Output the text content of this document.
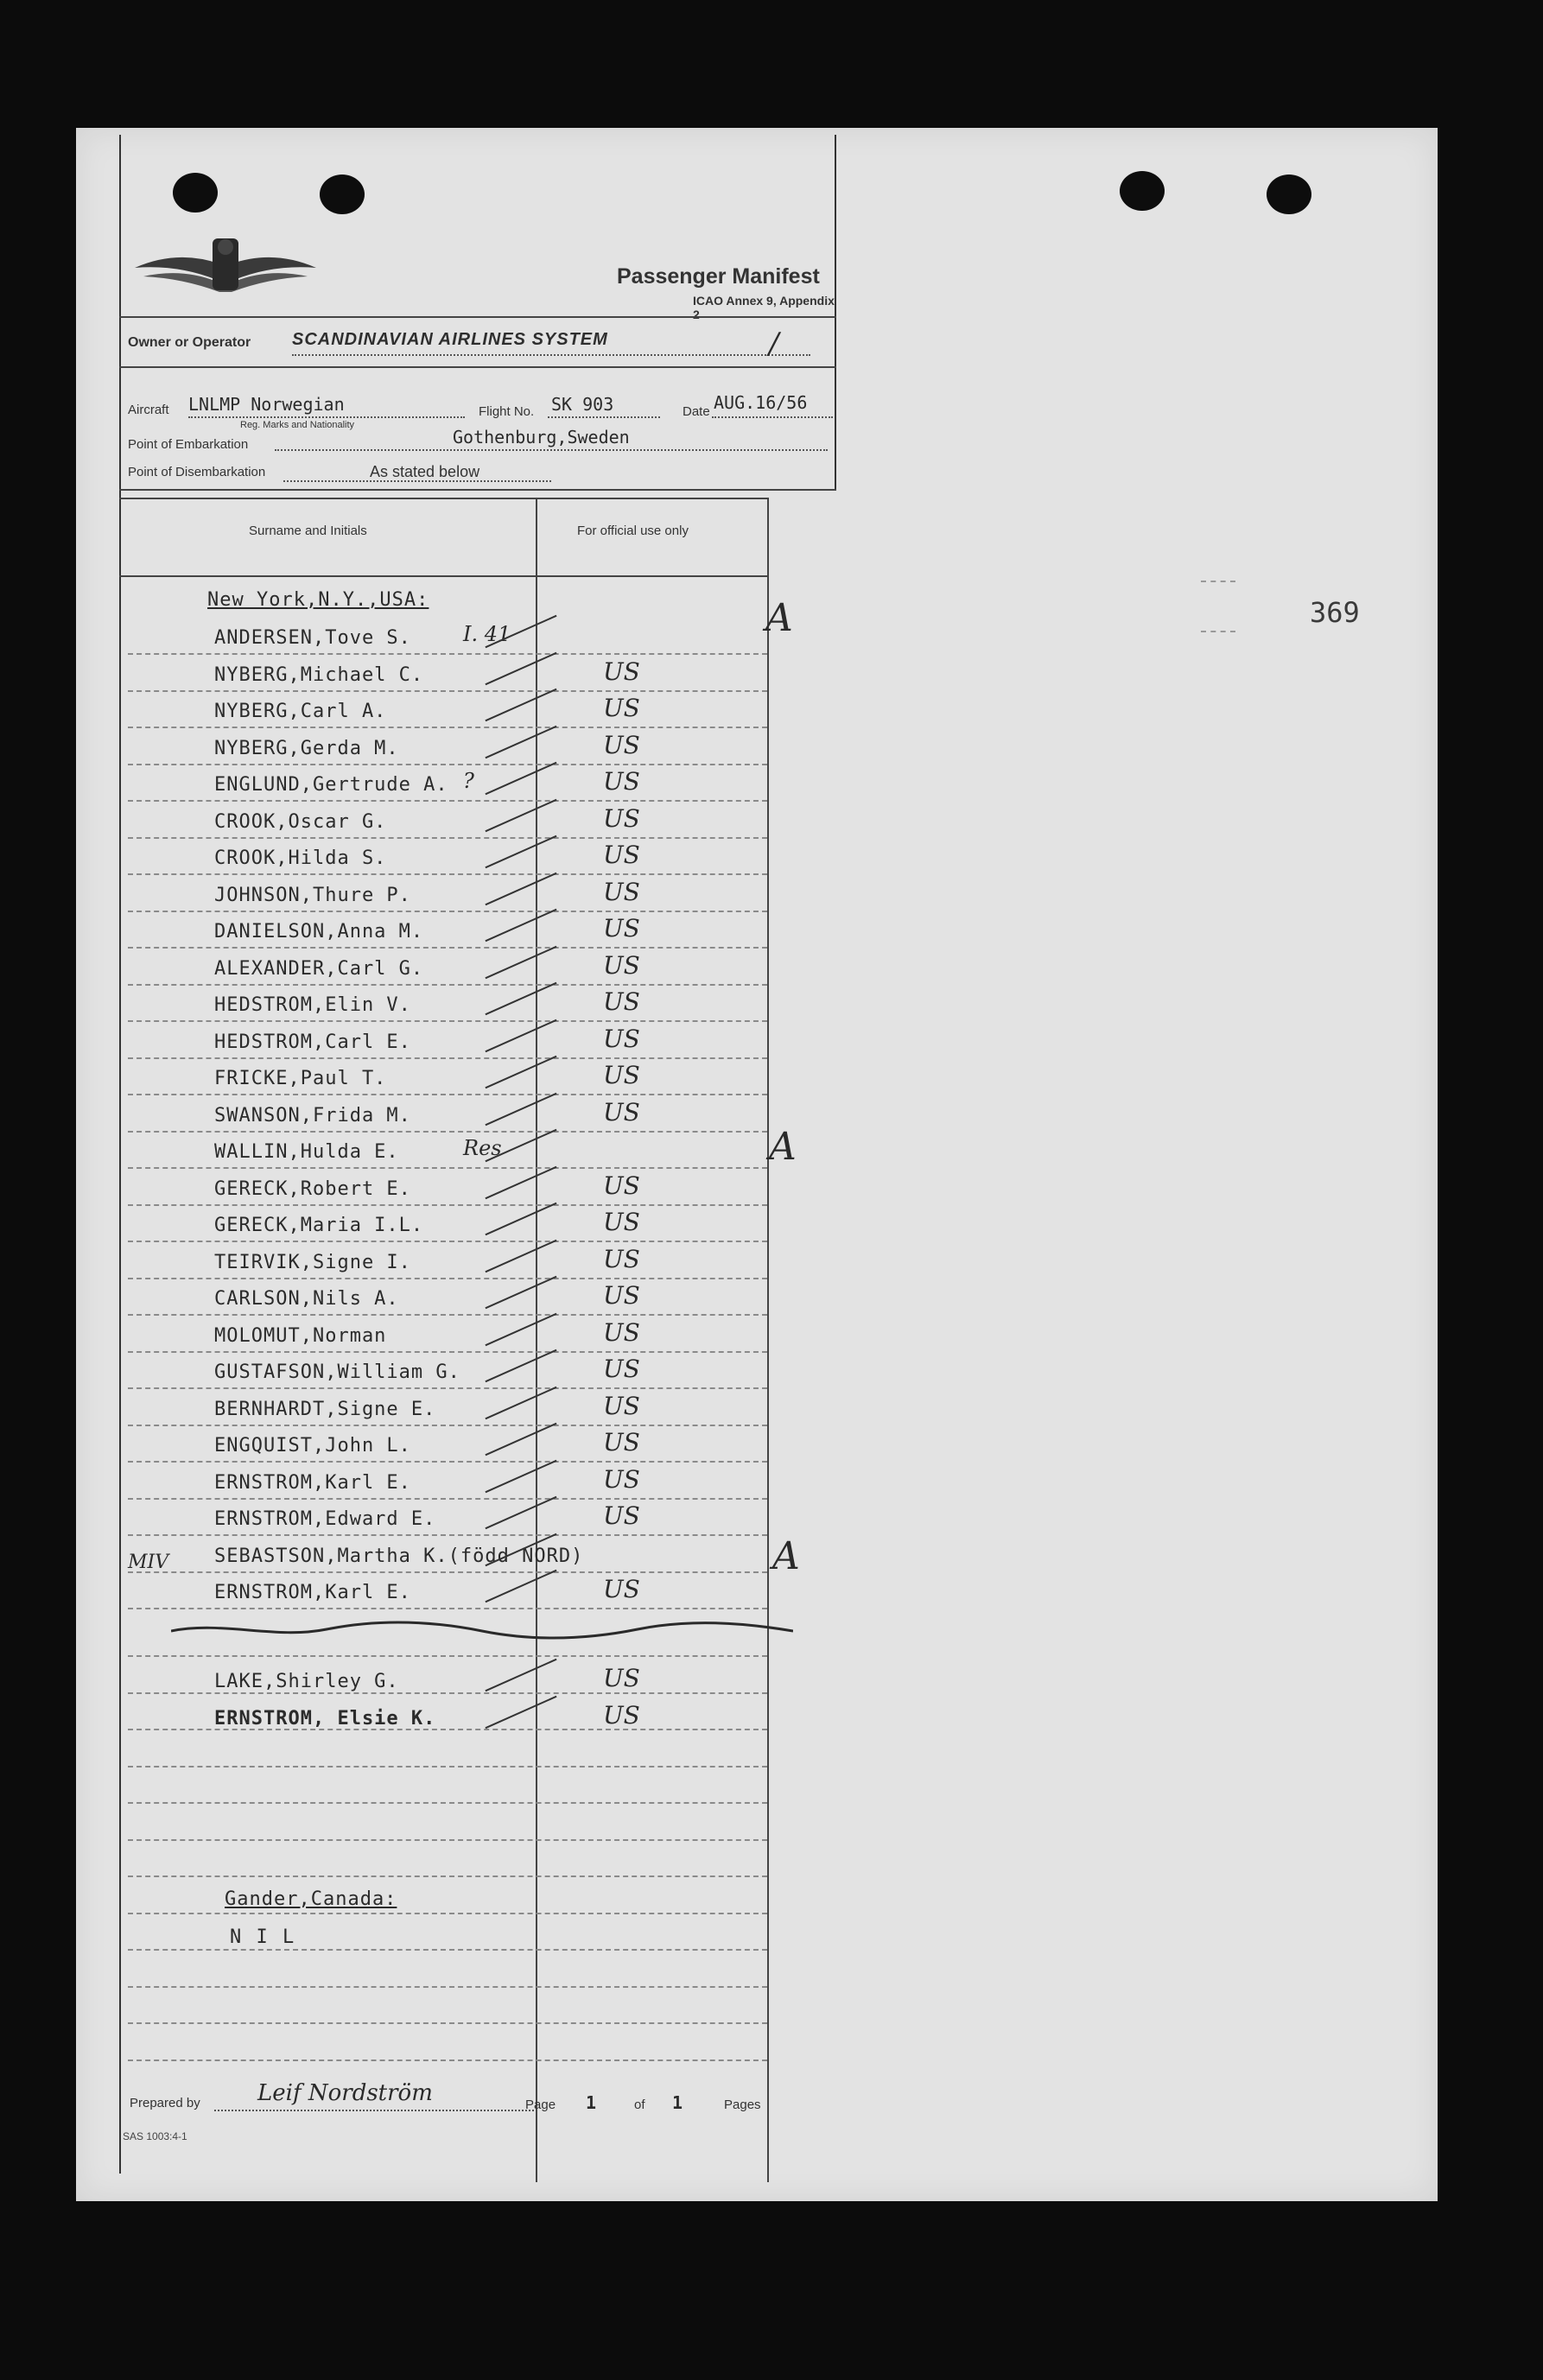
369
Passenger Manifest
ICAO Annex 9, Appendix 2
Owner or Operator SCANDINAVIAN AIRLINES SYSTEM	/
Aircraft LNLMP Norwegian
Reg. Marks and Nationality
Flight No. SK 903	Date AUG.16/56
Point of Embarkation	Gothenburg,Sweden
Point of Disembarkation	As stated below
Surname and Initials	For official use only
New York,N.Y.,USA:
ANDERSEN,Tove S.	I. 41
NYBERG,Michael C.	US
NYBERG,Carl A.	US
NYBERG,Gerda M.	US
ENGLUND,Gertrude A. ?	US
CROOK,Oscar G.	US
CROOK,Hilda S.	US
JOHNSON,Thure P.	US
DANIELSON,Anna M.	US
ALEXANDER,Carl G.	US
HEDSTROM,Elin V.	US
HEDSTROM,Carl E.	US
FRICKE,Paul T.	US
SWANSON,Frida M.	US
WALLIN,Hulda E.	Res
GERECK,Robert E.	US
GERECK,Maria I.L.	US
TEIRVIK,Signe I.	US
CARLSON,Nils A.	US
MOLOMUT,Norman	US
GUSTAFSON,William G.	US
BERNHARDT,Signe E.	US
ENGQUIST,John L.	US
ERNSTROM,Karl E.	US
ERNSTROM,Edward E.	US
SEBASTSON,Martha K.(född NORD)
ERNSTROM,Karl E.	US
LAKE,Shirley G.	US
ERNSTROM, Elsie K.	US
Gander,Canada:
N I L
A
A
A
MIV
Prepared by	Leif Nordström	Page 1	of 1	Pages
SAS 1003:4-1
